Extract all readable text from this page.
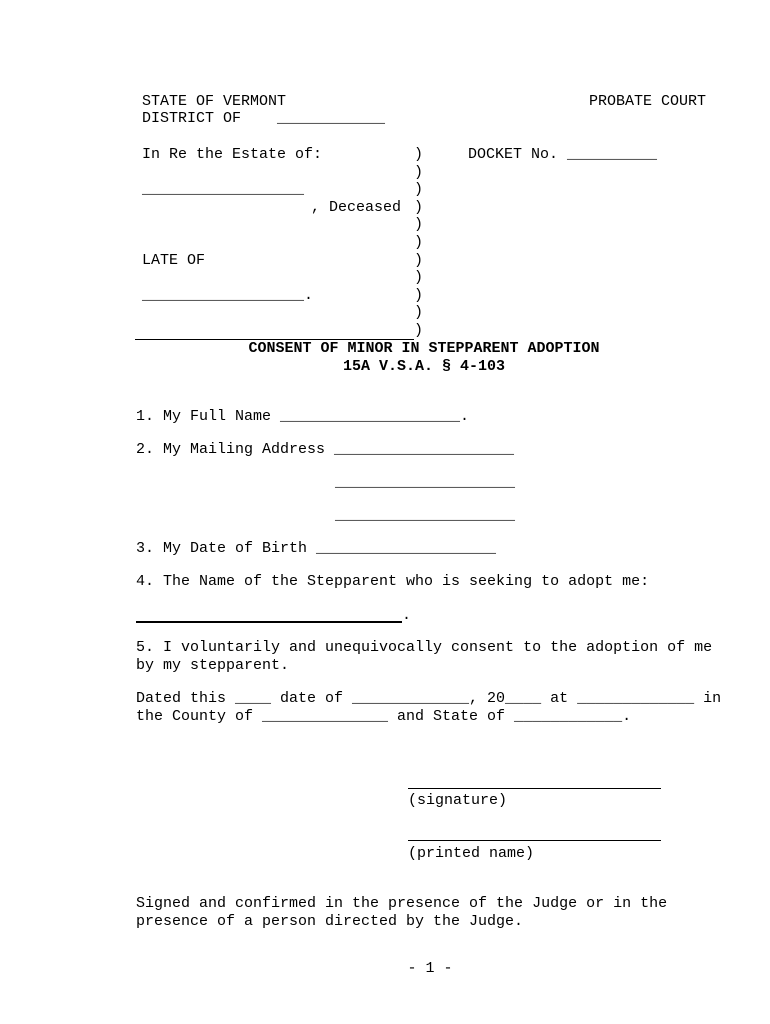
STATE OF VERMONT	PROBATE COURT
DISTRICT OF    ____________
In Re the Estate of:	DOCKET No. __________
__________________
, Deceased
LATE OF
__________________.
)
)
)
)
)
)
)
)
)
)
)
CONSENT OF MINOR IN STEPPARENT ADOPTION
15A V.S.A. § 4-103
1. My Full Name ____________________.
2. My Mailing Address ____________________
____________________
____________________
3. My Date of Birth ____________________
4. The Name of the Stepparent who is seeking to adopt me:
.
5. I voluntarily and unequivocally consent to the adoption of me
by my stepparent.
Dated this ____ date of _____________, 20____ at _____________ in
the County of ______________ and State of ____________.
(signature)
(printed name)
Signed and confirmed in the presence of the Judge or in the
presence of a person directed by the Judge.
- 1 -
